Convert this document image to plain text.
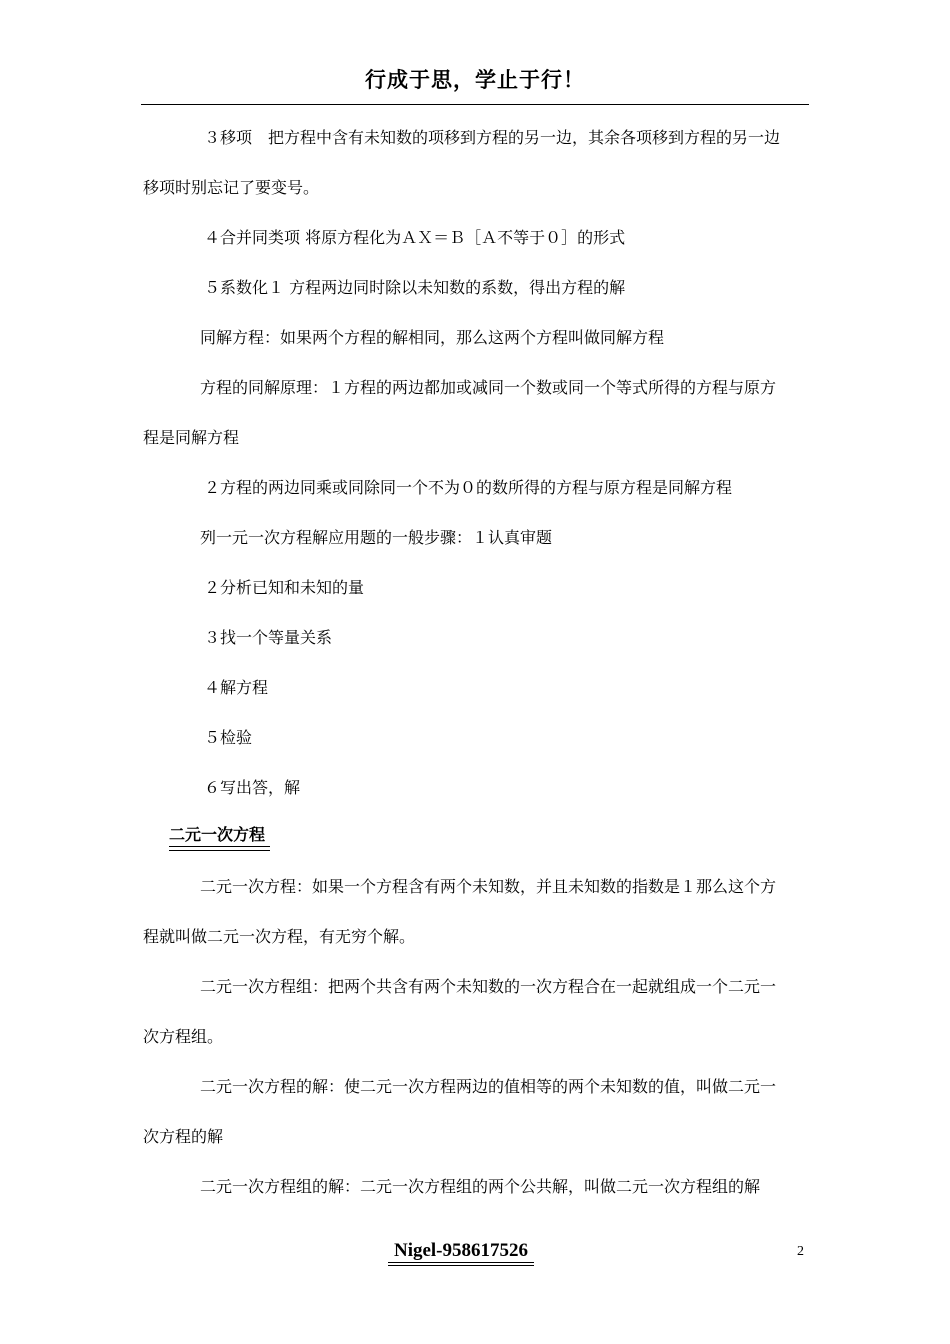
行成于思，学止于行！
３移项　把方程中含有未知数的项移到方程的另一边，其余各项移到方程的另一边
移项时别忘记了要变号。
４合并同类项 将原方程化为ＡＸ＝Ｂ［Ａ不等于０］的形式
５系数化１ 方程两边同时除以未知数的系数，得出方程的解
同解方程：如果两个方程的解相同，那么这两个方程叫做同解方程
方程的同解原理：１方程的两边都加或减同一个数或同一个等式所得的方程与原方
程是同解方程
２方程的两边同乘或同除同一个不为０的数所得的方程与原方程是同解方程
列一元一次方程解应用题的一般步骤：１认真审题
２分析已知和未知的量
３找一个等量关系
４解方程
５检验
６写出答，解
二元一次方程
二元一次方程：如果一个方程含有两个未知数，并且未知数的指数是１那么这个方
程就叫做二元一次方程，有无穷个解。
二元一次方程组：把两个共含有两个未知数的一次方程合在一起就组成一个二元一
次方程组。
二元一次方程的解：使二元一次方程两边的值相等的两个未知数的值，叫做二元一
次方程的解
二元一次方程组的解：二元一次方程组的两个公共解，叫做二元一次方程组的解
Nigel-958617526	2
